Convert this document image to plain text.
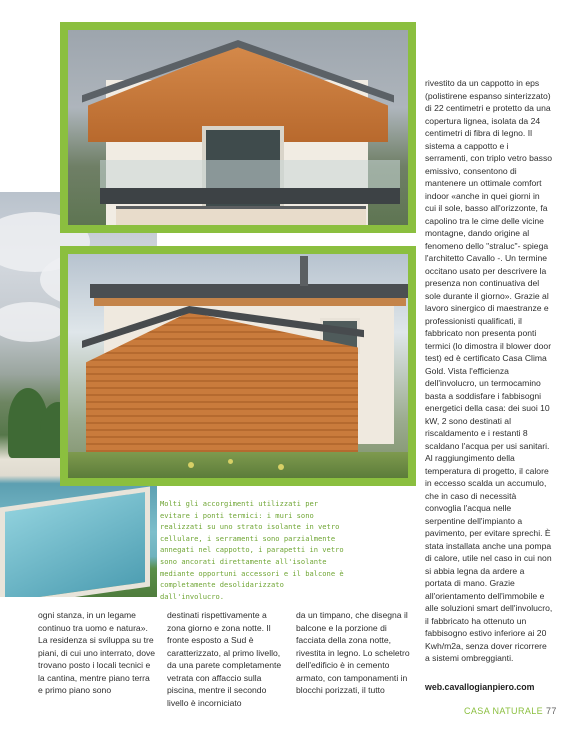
Molti gli accorgimenti utilizzati per evitare i ponti termici: i muri sono realizzati su uno strato isolante in vetro cellulare, i serramenti sono parzialmente annegati nel cappotto, i parapetti in vetro sono ancorati direttamente all'isolante mediante opportuni accessori e il balcone è completamente desolidarizzato dall'involucro.

rivestito da un cappotto in eps (polistirene espanso sinterizzato) di 22 centimetri e protetto da una copertura lignea, isolata da 24 centimetri di fibra di legno. Il sistema a cappotto e i serramenti, con triplo vetro basso emissivo, consentono di mantenere un ottimale comfort indoor «anche in quei giorni in cui il sole, basso all'orizzonte, fa capolino tra le cime delle vicine montagne, dando origine al fenomeno dello "straluc"- spiega l'architetto Cavallo -. Un termine occitano usato per descrivere la presenza non continuativa del sole durante il giorno». Grazie al lavoro sinergico di maestranze e professionisti qualificati, il fabbricato non presenta ponti termici (lo dimostra il blower door test) ed è certificato Casa Clima Gold. Vista l'efficienza dell'involucro, un termocamino basta a soddisfare i fabbisogni energetici della casa: dei suoi 10 kW, 2 sono destinati al riscaldamento e i restanti 8 scaldano l'acqua per usi sanitari. Al raggiungimento della temperatura di progetto, il calore in eccesso scalda un accumulo, che in caso di necessità convoglia l'acqua nelle serpentine dell'impianto a pavimento, per evitare sprechi. È stata installata anche una pompa di calore, utile nel caso in cui non si abbia legna da ardere a portata di mano. Grazie all'orientamento dell'immobile e alle soluzioni smart dell'involucro, il fabbricato ha ottenuto un fabbisogno estivo inferiore ai 20 Kwh/m2a, senza dover ricorrere a sistemi ombreggianti.

ogni stanza, in un legame continuo tra uomo e natura». La residenza si sviluppa su tre piani, di cui uno interrato, dove trovano posto i locali tecnici e la cantina, mentre piano terra e primo piano sono

destinati rispettivamente a zona giorno e zona notte. Il fronte esposto a Sud è caratterizzato, al primo livello, da una parete completamente vetrata con affaccio sulla piscina, mentre il secondo livello è incorniciato

da un timpano, che disegna il balcone e la porzione di facciata della zona notte, rivestita in legno. Lo scheletro dell'edificio è in cemento armato, con tamponamenti in blocchi porizzati, il tutto	web.cavallogianpiero.com
CASA NATURALE 77
